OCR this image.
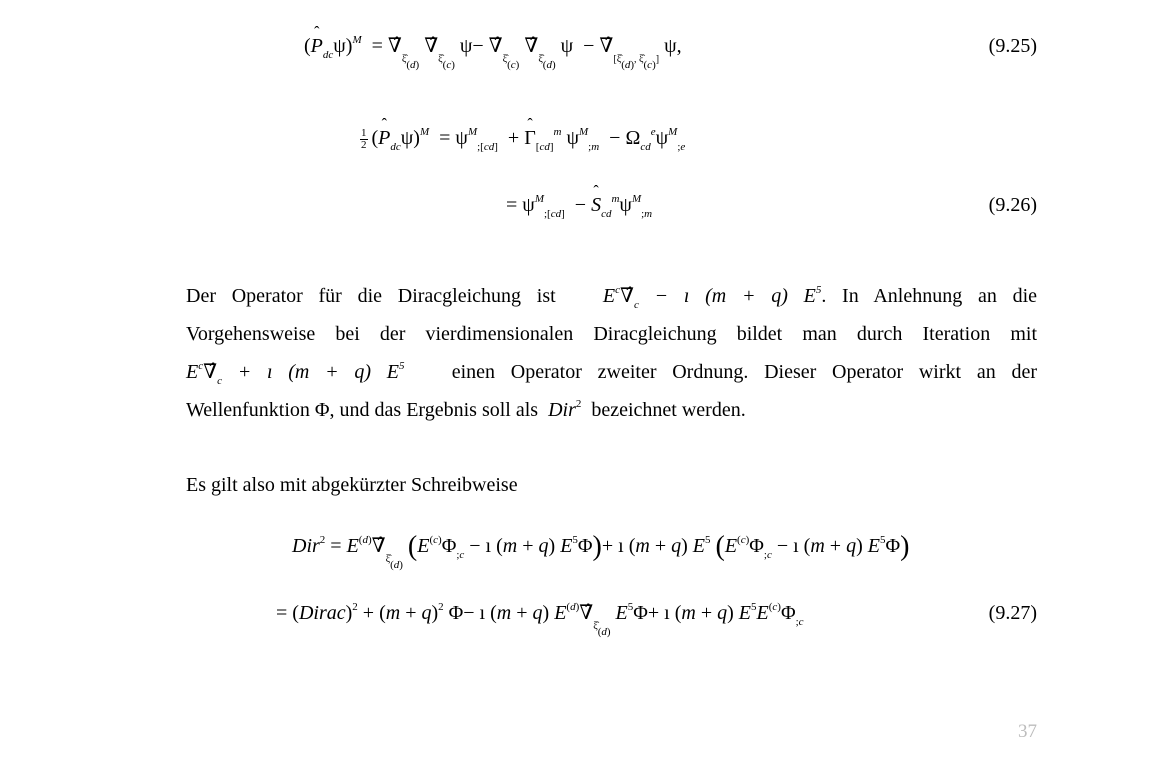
(ˆ $P_{dc}\psi)^M$  = $\nablâ_{\xî_{(d)}}$ $\nablâ_{\xî_{(c)}}$ $\psi- \nablâ_{\xî_{(c)}}$ $\nablâ_{\xî_{(d)}}$ $\psi - \nablâ_{[\xî_{(d)}, \xî_{(c)}]}$ ψ,	(9.25)
$\frac{1}{2}$ (ˆ $P_{dc}\psi)^M = \psi^M_{;[cd]}$  + ˆ $\Gamma_{[cd]}^m$ $\psi^M_{;m} - \Omega_{cd}^e\psi^M_{;e}$
= $\psi^M_{;[cd]}$  − ˆ $S_{cd}^m\psi^M_{;m}$	(9.26)
Der Operator für die Diracgleichung ist $E^c\nablâ_c$ − ı (m + q) $E^5$. In Anlehnung an die
Vorgehensweise bei der vierdimensionalen Diracgleichung bildet man durch Iteration mit
$E^c\nablâ_c$ + ı (m + q) $E^5$ einen Operator zweiter Ordnung. Dieser Operator wirkt an der
Wellenfunktion Φ, und das Ergebnis soll als Dir$^2$ bezeichnet werden.
Es gilt also mit abgekürzter Schreibweise
$Dir^2 = E^{(d)}\nablâ_{\xî_{(d)}}$ ($E^{(c)}\Phi_{;c}$ − ı (m + q) $E^5\Phi)+$ ı (m + q) $E^5$ ($E^{(c)}\Phi_{;c}$ − ı (m + q) $E^5\Phi$)
= (Dirac)$^2$ + $(m + q)^2$ Φ− ı (m + q) $E^{(d)}\nablâ_{\xî_{(d)}}$ $E^5\Phi+$ ı (m + q) $E^5E^{(c)}\Phi_{;c}$	(9.27)
37
